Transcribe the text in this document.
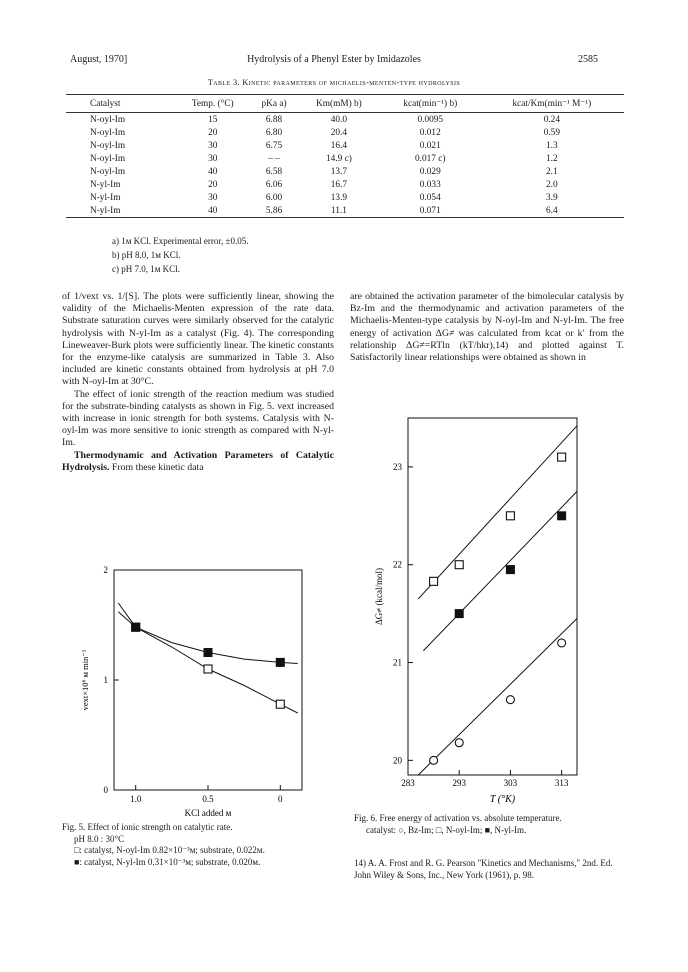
August, 1970]	Hydrolysis of a Phenyl Ester by Imidazoles	2585
Table 3. Kinetic parameters of michaelis-menten-type hydrolysis
Catalyst	Temp. (°C)	pKa a)	Km(mM) b)	kcat(min⁻¹) b)	kcat/Km(min⁻¹ M⁻¹)
N-oyl-Im	15	6.88	40.0	0.0095	0.24
N-oyl-Im	20	6.80	20.4	0.012	0.59
N-oyl-Im	30	6.75	16.4	0.021	1.3
N-oyl-Im	30	– –	14.9 c)	0.017 c)	1.2
N-oyl-Im	40	6.58	13.7	0.029	2.1
N-yl-Im	20	6.06	16.7	0.033	2.0
N-yl-Im	30	6.00	13.9	0.054	3.9
N-yl-Im	40	5.86	11.1	0.071	6.4
a) 1м KCl. Experimental error, ±0.05.
b) pH 8.0, 1м KCl.
c) pH 7.0, 1м KCl.

of 1/vext vs. 1/[S]. The plots were sufficiently linear, showing the validity of the Michaelis-Menten expression of the rate data. Substrate saturation curves were similarly observed for the catalytic hydrolysis with N-yl-Im as a catalyst (Fig. 4). The corresponding Lineweaver-Burk plots were sufficiently linear. The kinetic constants for the enzyme-like catalysis are summarized in Table 3. Also included are kinetic constants obtained from hydrolysis at pH 7.0 with N-oyl-Im at 30°C.

The effect of ionic strength of the reaction medium was studied for the substrate-binding catalysts as shown in Fig. 5. vext increased with increase in ionic strength for both systems. Catalysis with N-oyl-Im was more sensitive to ionic strength as compared with N-yl-Im.

Thermodynamic and Activation Parameters of Catalytic Hydrolysis. From these kinetic data

are obtained the activation parameter of the bimolecular catalysis by Bz-Im and the thermodynamic and activation parameters of the Michaelis-Menten-type catalysis by N-oyl-Im and N-yl-Im. The free energy of activation ΔG≠ was calculated from kcat or k′ from the relationship ΔG≠=RTln (kT/hkr),14) and plotted against T. Satisfactorily linear relationships were obtained as shown in

1.0	0.5	0
0
1
2
KCl added м
vext×10⁶ м min⁻¹
283	293	303	313
20
21
22
23
T (°K)
ΔG≠ (kcal/mol)
Fig. 5. Effect of ionic strength on catalytic rate.
pH 8.0 : 30°C
□: catalyst, N-oyl-Im 0.82×10⁻³м; substrate, 0.022м.
■: catalyst, N-yl-Im 0.31×10⁻³м; substrate, 0.020м.
Fig. 6. Free energy of activation vs. absolute temperature.
catalyst: ○, Bz-Im; □, N-oyl-Im; ■, N-yl-Im.
14) A. A. Frost and R. G. Pearson "Kinetics and Mechanisms," 2nd. Ed. John Wiley & Sons, Inc., New York (1961), p. 98.
